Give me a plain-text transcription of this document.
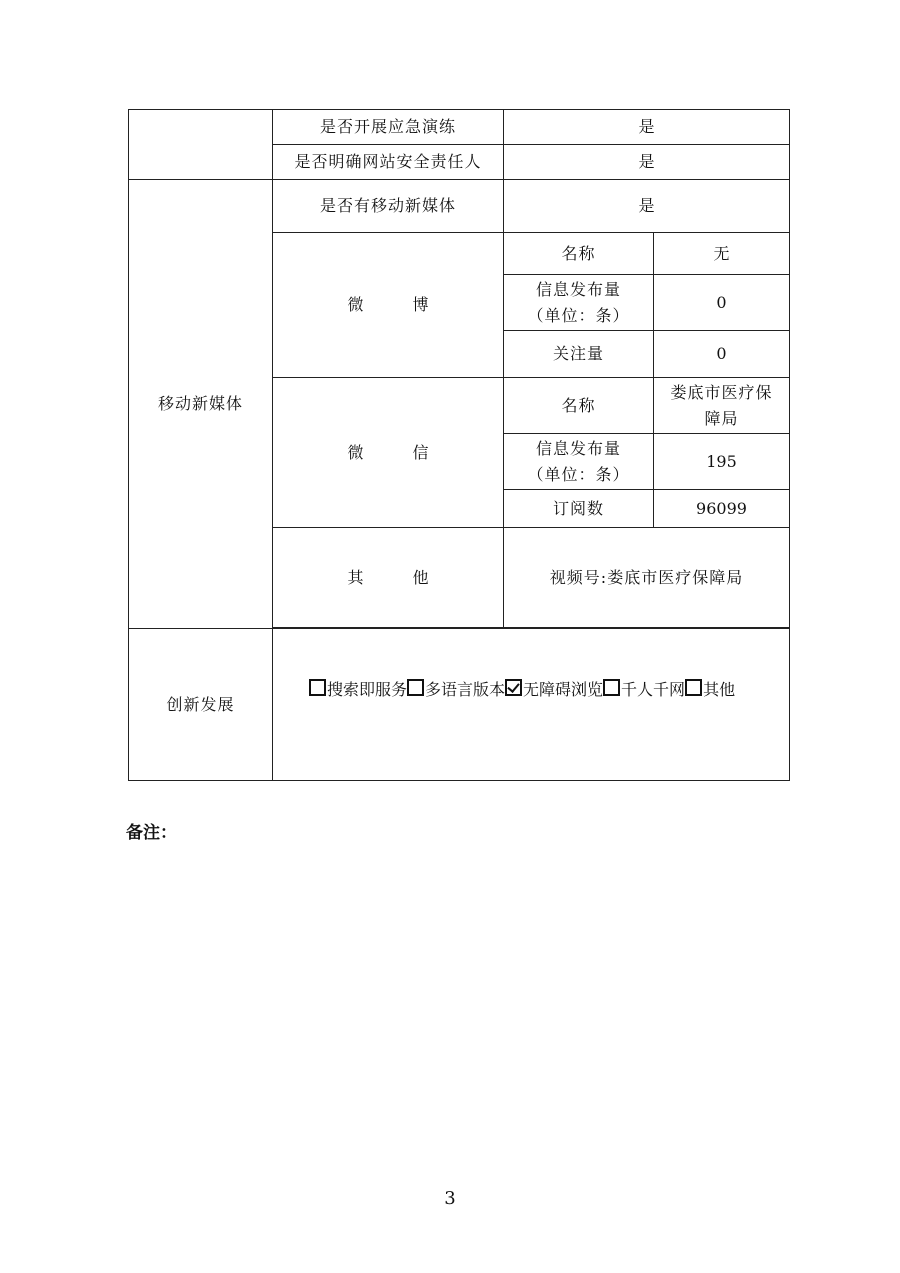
	是否开展应急演练	是	
	是否明确网站安全责任人	是	
移动新媒体	是否有移动新媒体	是	
	微 博	名称	无

		信息发布量
（单位：条）	0
		关注量	0
	微 信	名称	娄底市医疗保
障局

		信息发布量
（单位：条）	195
		订阅数	96099
	其 他	视频号:娄底市医疗保障局	

创新发展	搜索即服务 多语言版本 无障碍浏览 千人千网 其他		
备注：
3
